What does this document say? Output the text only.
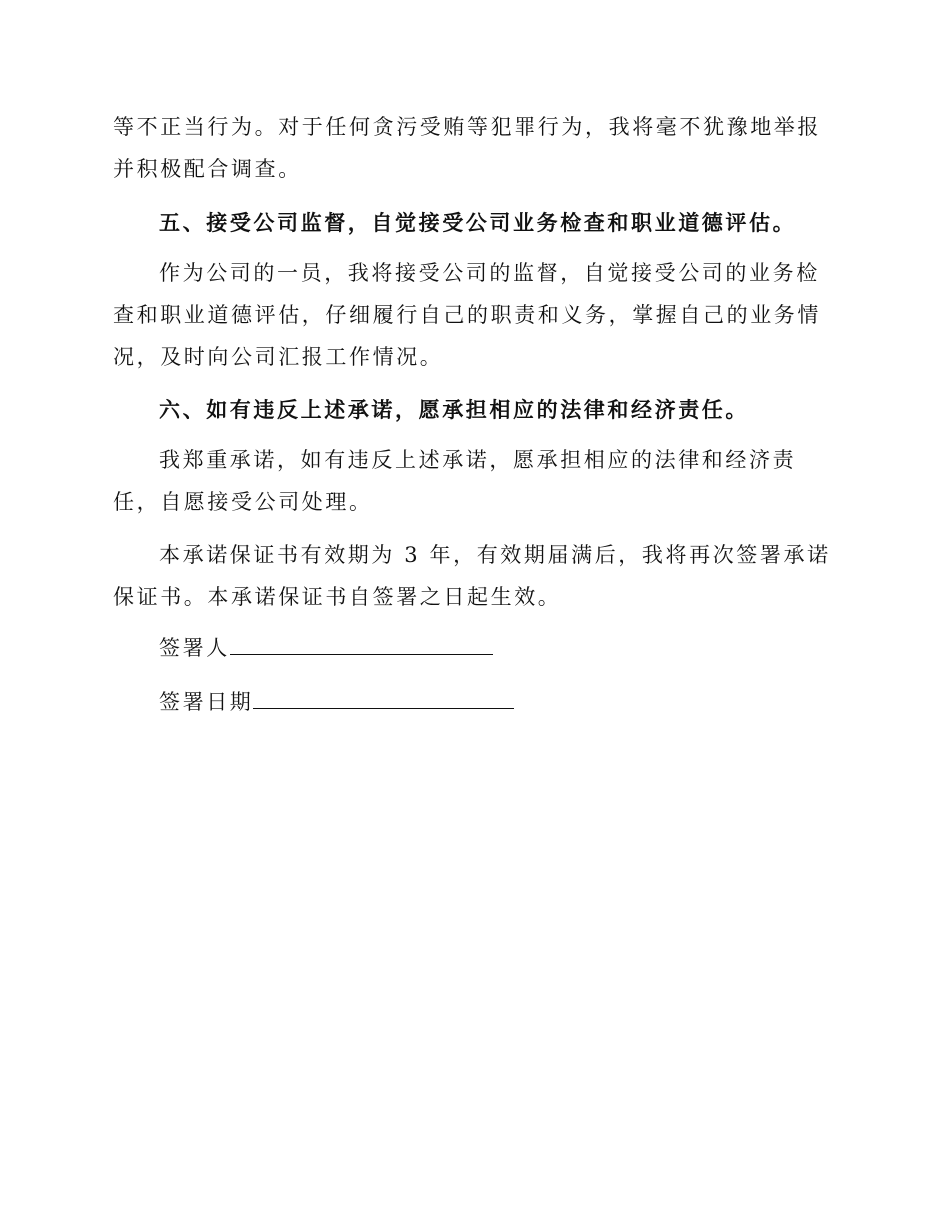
等不正当行为。对于任何贪污受贿等犯罪行为，我将毫不犹豫地举报并积极配合调查。

五、接受公司监督，自觉接受公司业务检查和职业道德评估。

作为公司的一员，我将接受公司的监督，自觉接受公司的业务检查和职业道德评估，仔细履行自己的职责和义务，掌握自己的业务情况，及时向公司汇报工作情况。

六、如有违反上述承诺，愿承担相应的法律和经济责任。

我郑重承诺，如有违反上述承诺，愿承担相应的法律和经济责任，自愿接受公司处理。

本承诺保证书有效期为 3 年，有效期届满后，我将再次签署承诺保证书。本承诺保证书自签署之日起生效。

签署人
签署日期
